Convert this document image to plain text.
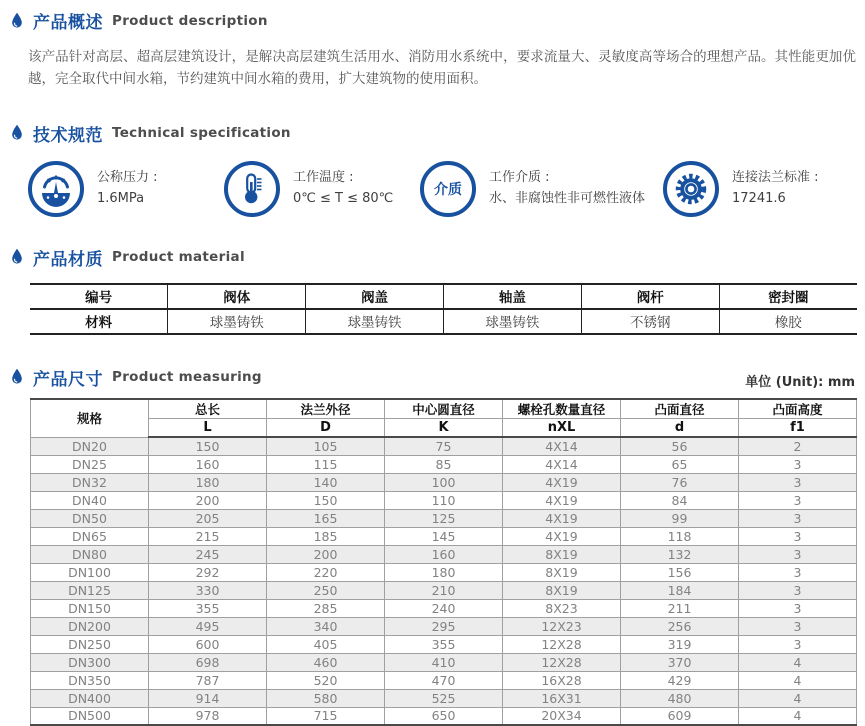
产品概述 Product description

该产品针对高层、超高层建筑设计，是解决高层建筑生活用水、消防用水系统中，要求流量大、灵敏度高等场合的理想产品。其性能更加优越，完全取代中间水箱，节约建筑中间水箱的费用，扩大建筑物的使用面积。

技术规范 Technical specification
公称压力 :
1.6MPa
工作温度 :
0℃ ≤ T ≤ 80℃
介质
工作介质 :
水、非腐蚀性非可燃性液体
连接法兰标准 :
17241.6
产品材质 Product material
编号	阀体	阀盖	轴盖	阀杆	密封圈
材料	球墨铸铁	球墨铸铁	球墨铸铁	不锈钢	橡胶
产品尺寸 Product measuring	单位 (Unit): mm
规格	总长	法兰外径	中心圆直径	螺栓孔数量直径	凸面直径	凸面高度
	L	D	K	nXL	d	f1
DN20	150	105	75	4X14	56	2
DN25	160	115	85	4X14	65	3
DN32	180	140	100	4X19	76	3
DN40	200	150	110	4X19	84	3
DN50	205	165	125	4X19	99	3
DN65	215	185	145	4X19	118	3
DN80	245	200	160	8X19	132	3
DN100	292	220	180	8X19	156	3
DN125	330	250	210	8X19	184	3
DN150	355	285	240	8X23	211	3
DN200	495	340	295	12X23	256	3
DN250	600	405	355	12X28	319	3
DN300	698	460	410	12X28	370	4
DN350	787	520	470	16X28	429	4
DN400	914	580	525	16X31	480	4
DN500	978	715	650	20X34	609	4
